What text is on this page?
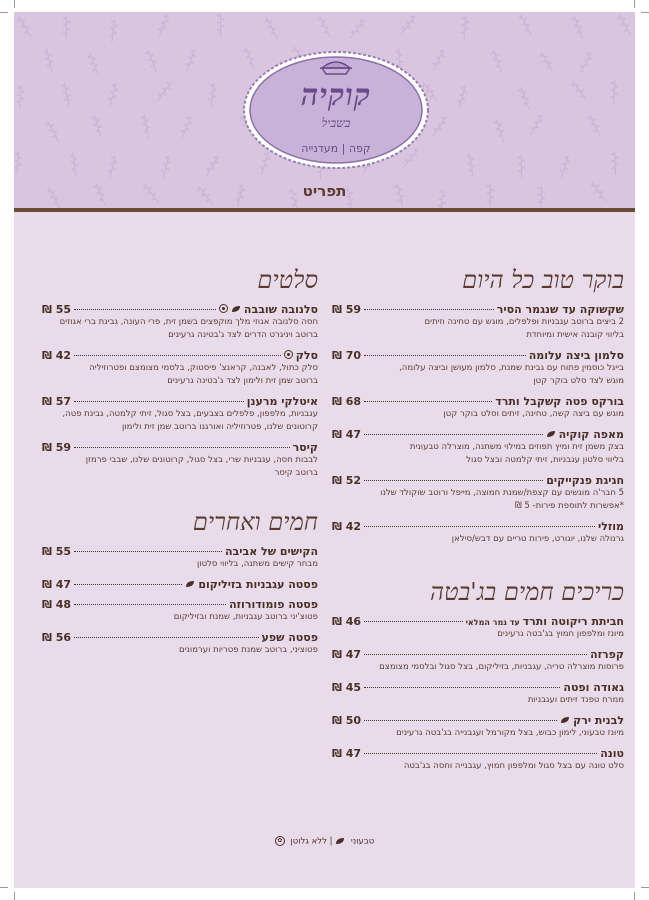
קוקיה
בשביל
קפה | מעדנייה
תפריט
בוקר טוב כל היום
שקשוקה עד שנגמר הסיר
59 ₪
2 ביצים ברוטב עגבניות ופלפלים, מוגש עם טחינה וזיתים
בליווי קובנה אישית ומיוחדת
סלמון ביצה עלומה
70 ₪
בייגל כוסמין פתוח עם גבינת שמנת, סלמון מעושן וביצה עלומה,
מוגש לצד סלט בוקר קטן
בורקס פטה קשקבל ותרד
68 ₪
מוגש עם ביצה קשה, טחינה, זיתים וסלט בוקר קטן
מאפה קוקיה
47 ₪
בצק משמן זית ומיץ תפוזים במילוי משתנה, מוצרלה טבעונית
בליווי סלטון עגבניות, זיתי קלמטה ובצל סגול
חגיגת פנקייקים
52 ₪
5 חבר'ה מוגשים עם קצפת/שמנת חמוצה, מייפל ורוטב שוקולד שלנו
*אפשרות לתוספת פירות- 5 ₪
מוזלי
42 ₪
גרנולה שלנו, יוגורט, פירות טריים עם דבש/סילאן
כריכים חמים בג'בטה
חביתת ריקוטה ותרד
עד גמר המלאי
46 ₪
מיונז ומלפפון חמוץ בג'בטה גרעינים
קפרזה
47 ₪
פרוסות מוצרלה טריה, עגבניות, בזיליקום, בצל סגול ובלסמי מצומצם
גאודה ופטה
45 ₪
ממרח טפנד זיתים ועגבניות
לבנית ירק
50 ₪
מיונז טבעוני, לימון כבוש, בצל מקורמל ועגבנייה בג'בטה גרעינים
טונה
47 ₪
סלט טונה עם בצל סגול ומלפפון חמוץ, עגבנייה וחסה בג'בטה
סלטים
סלנובה שובבה
55 ₪
חסה סלנובה אגוזי מלך מוקפצים בשמן זית, פרי העונה, גבינת ברי אגוזים
ברוטב ויניגרט הדרים לצד ג'בטינה גרעינים
סלק
42 ₪
סלק כתול, לאבנה, קראנצ' פיסטוק, בלסמי מצומצם ופטרוזיליה
ברוטב שמן זית ולימון לצד ג'בטינה גרעינים
איטלקי מרענן
57 ₪
עגבניות, מלפפון, פלפלים בצבעים, בצל סגול, זיתי קלמטה, גבינת פטה,
קרוטונים שלנו, פטרוזיליה ואורגנו ברוטב שמן זית ולימון
קיסר
59 ₪
לבבות חסה, עגבניות שרי, בצל סגול, קרוטונים שלנו, שבבי פרמזן
ברוטב קיסר
חמים ואחרים
הקישים של אביבה
55 ₪
מבחר קישים משתנה, בליווי סלטון
פסטה עגבניות בזיליקום
47 ₪
פסטה פומודורוזה
48 ₪
פטוצ'יני ברוטב עגבניות, שמנת ובזיליקום
פסטה שפע
56 ₪
פטוציני, ברוטב שמנת פטריות וערמונים
טבעוני  | ללא גלוטן ✿
